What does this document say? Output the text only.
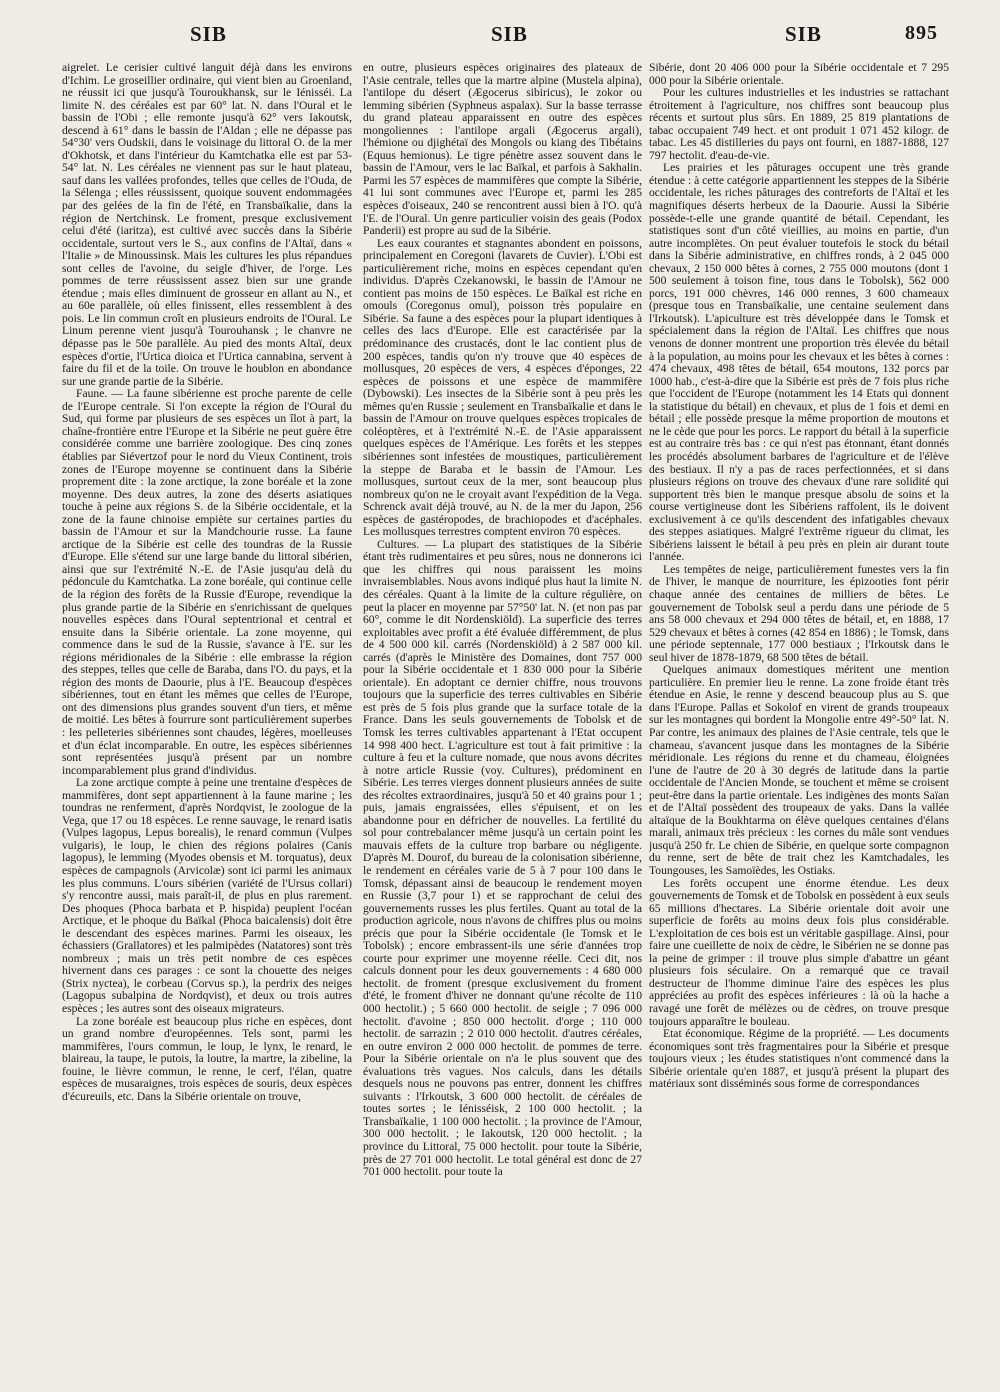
SIB	SIB	SIB	895

aigrelet. Le cerisier cultivé languit déjà dans les environs d'Ichim. Le groseillier ordinaire, qui vient bien au Groenland, ne réussit ici que jusqu'à Touroukhansk, sur le Iénisséi. La limite N. des céréales est par 60° lat. N. dans l'Oural et le bassin de l'Obi ; elle remonte jusqu'à 62° vers Iakoutsk, descend à 61° dans le bassin de l'Aldan ; elle ne dépasse pas 54°30' vers Oudskii, dans le voisinage du littoral O. de la mer d'Okhotsk, et dans l'intérieur du Kamtchatka elle est par 53-54° lat. N. Les céréales ne viennent pas sur le haut plateau, sauf dans les vallées profondes, telles que celles de l'Ouda, de la Sélenga ; elles réussissent, quoique souvent endommagées par des gelées de la fin de l'été, en Transbaïkalie, dans la région de Nertchinsk. Le froment, presque exclusivement celui d'été (iaritza), est cultivé avec succès dans la Sibérie occidentale, surtout vers le S., aux confins de l'Altaï, dans « l'Italie » de Minoussinsk. Mais les cultures les plus répandues sont celles de l'avoine, du seigle d'hiver, de l'orge. Les pommes de terre réussissent assez bien sur une grande étendue ; mais elles diminuent de grosseur en allant au N., et au 60e parallèle, où elles finissent, elles ressemblent à des pois. Le lin commun croît en plusieurs endroits de l'Oural. Le Linum perenne vient jusqu'à Tourouhansk ; le chanvre ne dépasse pas le 50e parallèle. Au pied des monts Altaï, deux espèces d'ortie, l'Urtica dioica et l'Urtica cannabina, servent à faire du fil et de la toile. On trouve le houblon en abondance sur une grande partie de la Sibérie.

Faune. — La faune sibérienne est proche parente de celle de l'Europe centrale. Si l'on excepte la région de l'Oural du Sud, qui forme par plusieurs de ses espèces un îlot à part, la chaîne-frontière entre l'Europe et la Sibérie ne peut guère être considérée comme une barrière zoologique. Des cinq zones établies par Siévertzof pour le nord du Vieux Continent, trois zones de l'Europe moyenne se continuent dans la Sibérie proprement dite : la zone arctique, la zone boréale et la zone moyenne. Des deux autres, la zone des déserts asiatiques touche à peine aux régions S. de la Sibérie occidentale, et la zone de la faune chinoise empiète sur certaines parties du bassin de l'Amour et sur la Mandchourie russe. La faune arctique de la Sibérie est celle des toundras de la Russie d'Europe. Elle s'étend sur une large bande du littoral sibérien, ainsi que sur l'extrémité N.-E. de l'Asie jusqu'au delà du pédoncule du Kamtchatka. La zone boréale, qui continue celle de la région des forêts de la Russie d'Europe, revendique la plus grande partie de la Sibérie en s'enrichissant de quelques nouvelles espèces dans l'Oural septentrional et central et ensuite dans la Sibérie orientale. La zone moyenne, qui commence dans le sud de la Russie, s'avance à l'E. sur les régions méridionales de la Sibérie : elle embrasse la région des steppes, telles que celle de Baraba, dans l'O. du pays, et la région des monts de Daourie, plus à l'E. Beaucoup d'espèces sibériennes, tout en étant les mêmes que celles de l'Europe, ont des dimensions plus grandes souvent d'un tiers, et même de moitié. Les bêtes à fourrure sont particulièrement superbes : les pelleteries sibériennes sont chaudes, légères, moelleuses et d'un éclat incomparable. En outre, les espèces sibériennes sont représentées jusqu'à présent par un nombre incomparablement plus grand d'individus.

La zone arctique compte à peine une trentaine d'espèces de mammifères, dont sept appartiennent à la faune marine ; les toundras ne renferment, d'après Nordqvist, le zoologue de la Vega, que 17 ou 18 espèces. Le renne sauvage, le renard isatis (Vulpes lagopus, Lepus borealis), le renard commun (Vulpes vulgaris), le loup, le chien des régions polaires (Canis lagopus), le lemming (Myodes obensis et M. torquatus), deux espèces de campagnols (Arvicolæ) sont ici parmi les animaux les plus communs. L'ours sibérien (variété de l'Ursus collari) s'y rencontre aussi, mais paraît-il, de plus en plus rarement. Des phoques (Phoca barbata et P. hispida) peuplent l'océan Arctique, et le phoque du Baïkal (Phoca baicalensis) doit être le descendant des espèces marines. Parmi les oiseaux, les échassiers (Grallatores) et les palmipèdes (Natatores) sont très nombreux ; mais un très petit nombre de ces espèces hivernent dans ces parages : ce sont la chouette des neiges (Strix nyctea), le corbeau (Corvus sp.), la perdrix des neiges (Lagopus subalpina de Nordqvist), et deux ou trois autres espèces ; les autres sont des oiseaux migrateurs.

La zone boréale est beaucoup plus riche en espèces, dont un grand nombre d'européennes. Tels sont, parmi les mammifères, l'ours commun, le loup, le lynx, le renard, le blaireau, la taupe, le putois, la loutre, la martre, la zibeline, la fouine, le lièvre commun, le renne, le cerf, l'élan, quatre espèces de musaraignes, trois espèces de souris, deux espèces d'écureuils, etc. Dans la Sibérie orientale on trouve,

en outre, plusieurs espèces originaires des plateaux de l'Asie centrale, telles que la martre alpine (Mustela alpina), l'antilope du désert (Ægocerus sibiricus), le zokor ou lemming sibérien (Syphneus aspalax). Sur la basse terrasse du grand plateau apparaissent en outre des espèces mongoliennes : l'antilope argali (Ægocerus argali), l'hémione ou djighétaï des Mongols ou kiang des Tibétains (Equus hemionus). Le tigre pénètre assez souvent dans le bassin de l'Amour, vers le lac Baïkal, et parfois à Sakhalin. Parmi les 57 espèces de mammifères que compte la Sibérie, 41 lui sont communes avec l'Europe et, parmi les 285 espèces d'oiseaux, 240 se rencontrent aussi bien à l'O. qu'à l'E. de l'Oural. Un genre particulier voisin des geais (Podox Panderii) est propre au sud de la Sibérie.

Les eaux courantes et stagnantes abondent en poissons, principalement en Coregoni (lavarets de Cuvier). L'Obi est particulièrement riche, moins en espèces cependant qu'en individus. D'après Czekanowski, le bassin de l'Amour ne contient pas moins de 150 espèces. Le Baïkal est riche en omouls (Coregonus omul), poisson très populaire en Sibérie. Sa faune a des espèces pour la plupart identiques à celles des lacs d'Europe. Elle est caractérisée par la prédominance des crustacés, dont le lac contient plus de 200 espèces, tandis qu'on n'y trouve que 40 espèces de mollusques, 20 espèces de vers, 4 espèces d'éponges, 22 espèces de poissons et une espèce de mammifère (Dybowski). Les insectes de la Sibérie sont à peu près les mêmes qu'en Russie ; seulement en Transbaïkalie et dans le bassin de l'Amour on trouve quelques espèces tropicales de coléoptères, et à l'extrémité N.-E. de l'Asie apparaissent quelques espèces de l'Amérique. Les forêts et les steppes sibériennes sont infestées de moustiques, particulièrement la steppe de Baraba et le bassin de l'Amour. Les mollusques, surtout ceux de la mer, sont beaucoup plus nombreux qu'on ne le croyait avant l'expédition de la Vega. Schrenck avait déjà trouvé, au N. de la mer du Japon, 256 espèces de gastéropodes, de brachiopodes et d'acéphales. Les mollusques terrestres comptent environ 70 espèces.

Cultures. — La plupart des statistiques de la Sibérie étant très rudimentaires et peu sûres, nous ne donnerons ici que les chiffres qui nous paraissent les moins invraisemblables. Nous avons indiqué plus haut la limite N. des céréales. Quant à la limite de la culture régulière, on peut la placer en moyenne par 57°50' lat. N. (et non pas par 60°, comme le dit Nordenskiöld). La superficie des terres exploitables avec profit a été évaluée différemment, de plus de 4 500 000 kil. carrés (Nordenskiöld) à 2 587 000 kil. carrés (d'après le Ministère des Domaines, dont 757 000 pour la Sibérie occidentale et 1 830 000 pour la Sibérie orientale). En adoptant ce dernier chiffre, nous trouvons toujours que la superficie des terres cultivables en Sibérie est près de 5 fois plus grande que la surface totale de la France. Dans les seuls gouvernements de Tobolsk et de Tomsk les terres cultivables appartenant à l'Etat occupent 14 998 400 hect. L'agriculture est tout à fait primitive : la culture à feu et la culture nomade, que nous avons décrites à notre article Russie (voy. Cultures), prédominent en Sibérie. Les terres vierges donnent plusieurs années de suite des récoltes extraordinaires, jusqu'à 50 et 40 grains pour 1 ; puis, jamais engraissées, elles s'épuisent, et on les abandonne pour en défricher de nouvelles. La fertilité du sol pour contrebalancer même jusqu'à un certain point les mauvais effets de la culture trop barbare ou négligente. D'après M. Dourof, du bureau de la colonisation sibérienne, le rendement en céréales varie de 5 à 7 pour 100 dans le Tomsk, dépassant ainsi de beaucoup le rendement moyen en Russie (3,7 pour 1) et se rapprochant de celui des gouvernements russes les plus fertiles. Quant au total de la production agricole, nous n'avons de chiffres plus ou moins précis que pour la Sibérie occidentale (le Tomsk et le Tobolsk) ; encore embrassent-ils une série d'années trop courte pour exprimer une moyenne réelle. Ceci dit, nos calculs donnent pour les deux gouvernements : 4 680 000 hectolit. de froment (presque exclusivement du froment d'été, le froment d'hiver ne donnant qu'une récolte de 110 000 hectolit.) ; 5 660 000 hectolit. de seigle ; 7 096 000 hectolit. d'avoine ; 850 000 hectolit. d'orge ; 110 000 hectolit. de sarrazin ; 2 010 000 hectolit. d'autres céréales, en outre environ 2 000 000 hectolit. de pommes de terre. Pour la Sibérie orientale on n'a le plus souvent que des évaluations très vagues. Nos calculs, dans les détails desquels nous ne pouvons pas entrer, donnent les chiffres suivants : l'Irkoutsk, 3 600 000 hectolit. de céréales de toutes sortes ; le Iénisséisk, 2 100 000 hectolit. ; la Transbaïkalie, 1 100 000 hectolit. ; la province de l'Amour, 300 000 hectolit. ; le Iakoutsk, 120 000 hectolit. ; la province du Littoral, 75 000 hectolit. pour toute la Sibérie, près de 27 701 000 hectolit. Le total général est donc de 27 701 000 hectolit. pour toute la

Sibérie, dont 20 406 000 pour la Sibérie occidentale et 7 295 000 pour la Sibérie orientale.

Pour les cultures industrielles et les industries se rattachant étroitement à l'agriculture, nos chiffres sont beaucoup plus récents et surtout plus sûrs. En 1889, 25 819 plantations de tabac occupaient 749 hect. et ont produit 1 071 452 kilogr. de tabac. Les 45 distilleries du pays ont fourni, en 1887-1888, 127 797 hectolit. d'eau-de-vie.

Les prairies et les pâturages occupent une très grande étendue : à cette catégorie appartiennent les steppes de la Sibérie occidentale, les riches pâturages des contreforts de l'Altaï et les magnifiques déserts herbeux de la Daourie. Aussi la Sibérie possède-t-elle une grande quantité de bétail. Cependant, les statistiques sont d'un côté vieillies, au moins en partie, d'un autre incomplètes. On peut évaluer toutefois le stock du bétail dans la Sibérie administrative, en chiffres ronds, à 2 045 000 chevaux, 2 150 000 bêtes à cornes, 2 755 000 moutons (dont 1 500 seulement à toison fine, tous dans le Tobolsk), 562 000 porcs, 191 000 chèvres, 146 000 rennes, 3 600 chameaux (presque tous en Transbaïkalie, une centaine seulement dans l'Irkoutsk). L'apiculture est très développée dans le Tomsk et spécialement dans la région de l'Altaï. Les chiffres que nous venons de donner montrent une proportion très élevée du bétail à la population, au moins pour les chevaux et les bêtes à cornes : 474 chevaux, 498 têtes de bétail, 654 moutons, 132 porcs par 1000 hab., c'est-à-dire que la Sibérie est près de 7 fois plus riche que l'occident de l'Europe (notamment les 14 Etats qui donnent la statistique du bétail) en chevaux, et plus de 1 fois et demi en bétail ; elle possède presque la même proportion de moutons et ne le cède que pour les porcs. Le rapport du bétail à la superficie est au contraire très bas : ce qui n'est pas étonnant, étant donnés les procédés absolument barbares de l'agriculture et de l'élève des bestiaux. Il n'y a pas de races perfectionnées, et si dans plusieurs régions on trouve des chevaux d'une rare solidité qui supportent très bien le manque presque absolu de soins et la course vertigineuse dont les Sibériens raffolent, ils le doivent exclusivement à ce qu'ils descendent des infatigables chevaux des steppes asiatiques. Malgré l'extrême rigueur du climat, les Sibériens laissent le bétail à peu près en plein air durant toute l'année.

Les tempêtes de neige, particulièrement funestes vers la fin de l'hiver, le manque de nourriture, les épizooties font périr chaque année des centaines de milliers de bêtes. Le gouvernement de Tobolsk seul a perdu dans une période de 5 ans 58 000 chevaux et 294 000 têtes de bétail, et, en 1888, 17 529 chevaux et bêtes à cornes (42 854 en 1886) ; le Tomsk, dans une période septennale, 177 000 bestiaux ; l'Irkoutsk dans le seul hiver de 1878-1879, 68 500 têtes de bétail.

Quelques animaux domestiques méritent une mention particulière. En premier lieu le renne. La zone froide étant très étendue en Asie, le renne y descend beaucoup plus au S. que dans l'Europe. Pallas et Sokolof en virent de grands troupeaux sur les montagnes qui bordent la Mongolie entre 49°-50° lat. N. Par contre, les animaux des plaines de l'Asie centrale, tels que le chameau, s'avancent jusque dans les montagnes de la Sibérie méridionale. Les régions du renne et du chameau, éloignées l'une de l'autre de 20 à 30 degrés de latitude dans la partie occidentale de l'Ancien Monde, se touchent et même se croisent peut-être dans la partie orientale. Les indigènes des monts Saïan et de l'Altaï possèdent des troupeaux de yaks. Dans la vallée altaïque de la Boukhtarma on élève quelques centaines d'élans marali, animaux très précieux : les cornes du mâle sont vendues jusqu'à 250 fr. Le chien de Sibérie, en quelque sorte compagnon du renne, sert de bête de trait chez les Kamtchadales, les Toungouses, les Samoïèdes, les Ostiaks.

Les forêts occupent une énorme étendue. Les deux gouvernements de Tomsk et de Tobolsk en possèdent à eux seuls 65 millions d'hectares. La Sibérie orientale doit avoir une superficie de forêts au moins deux fois plus considérable. L'exploitation de ces bois est un véritable gaspillage. Ainsi, pour faire une cueillette de noix de cèdre, le Sibérien ne se donne pas la peine de grimper : il trouve plus simple d'abattre un géant plusieurs fois séculaire. On a remarqué que ce travail destructeur de l'homme diminue l'aire des espèces les plus appréciées au profit des espèces inférieures : là où la hache a ravagé une forêt de mélèzes ou de cèdres, on trouve presque toujours apparaître le bouleau.

Etat économique. Régime de la propriété. — Les documents économiques sont très fragmentaires pour la Sibérie et presque toujours vieux ; les études statistiques n'ont commencé dans la Sibérie orientale qu'en 1887, et jusqu'à présent la plupart des matériaux sont disséminés sous forme de correspondances
